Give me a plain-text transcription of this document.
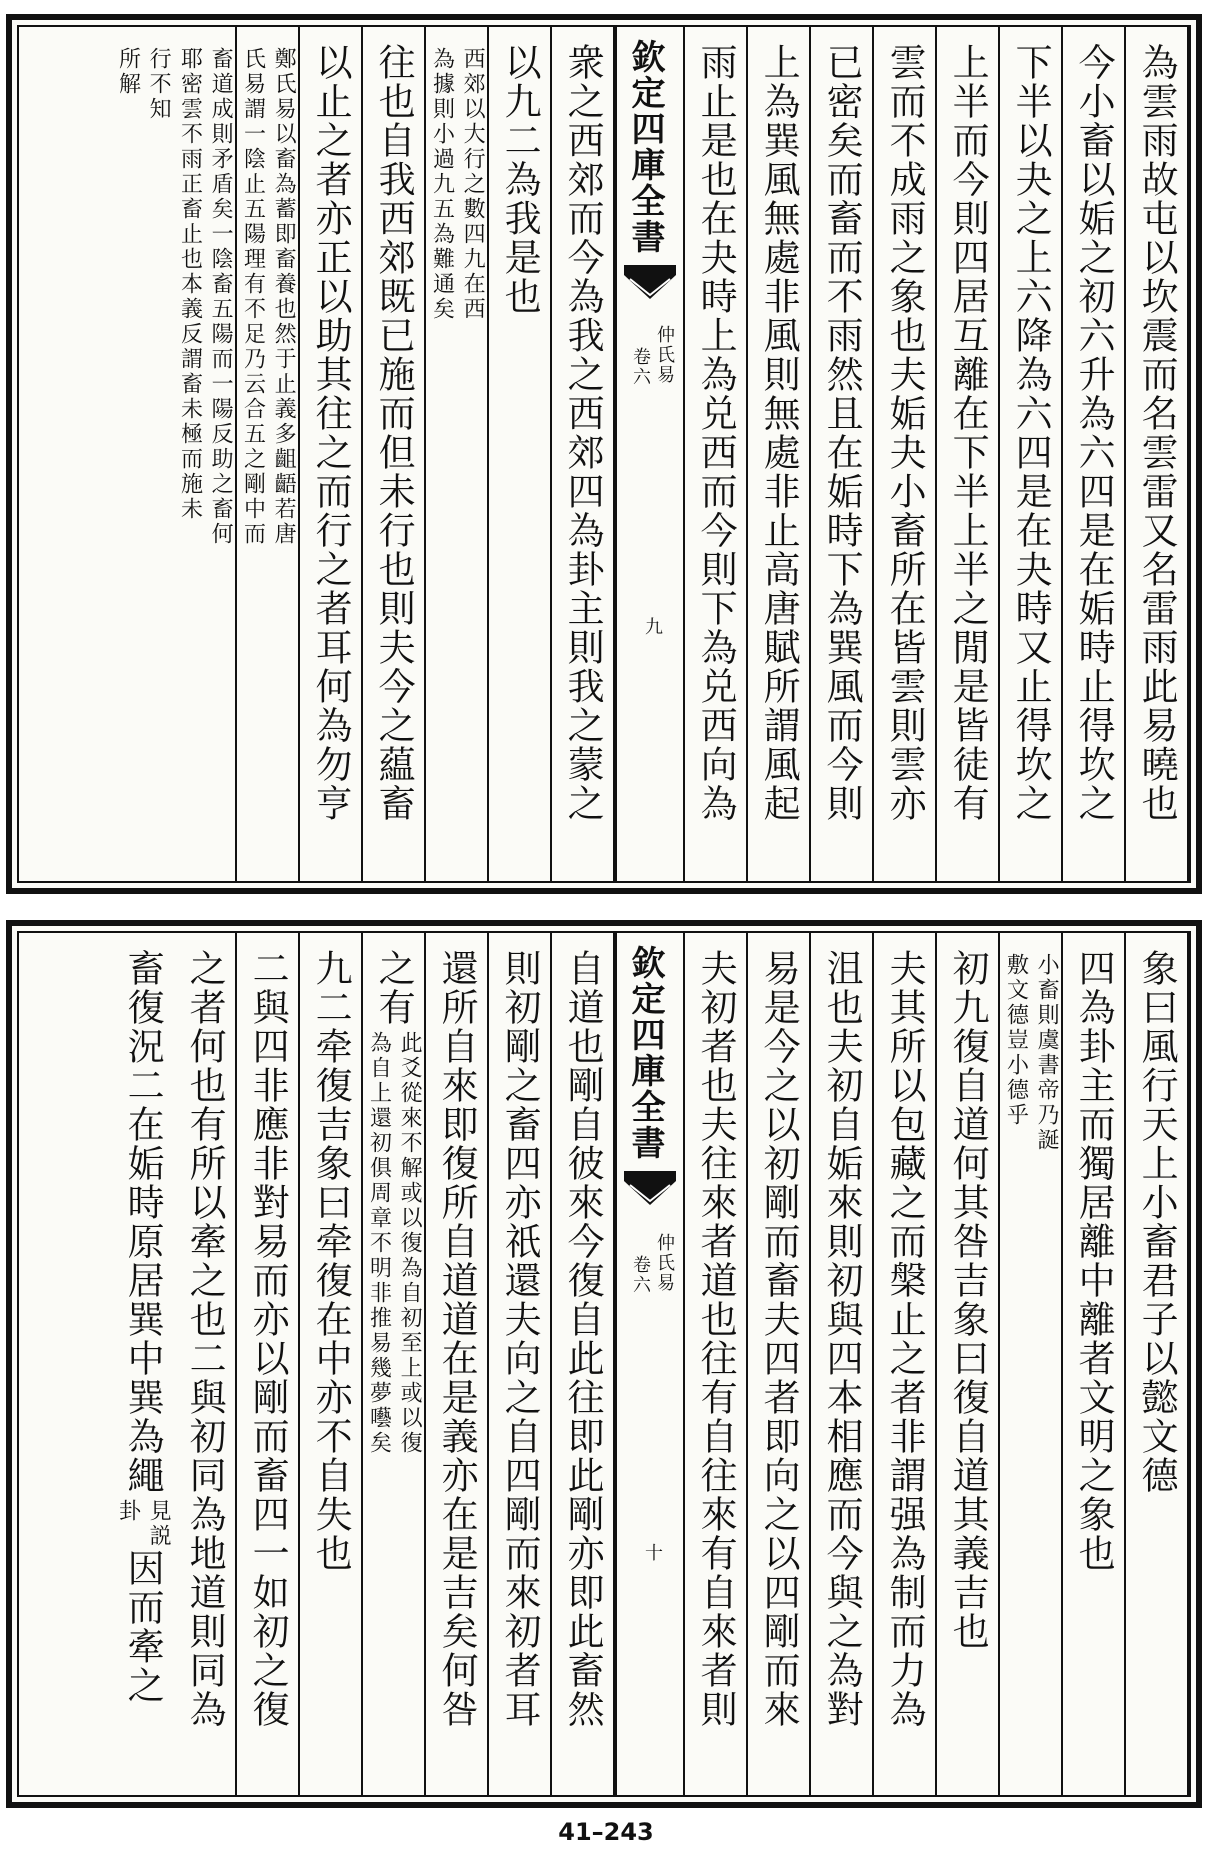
為雲雨故屯以坎震而名雲雷又名雷雨此易曉也
今小畜以姤之初六升為六四是在姤時止得坎之
下半以夬之上六降為六四是在夬時又止得坎之
上半而今則四居互離在下半上半之閒是皆徒有
雲而不成雨之象也夫姤夬小畜所在皆雲則雲亦
已密矣而畜而不雨然且在姤時下為巽風而今則
上為巽風無處非風則無處非止高唐賦所謂風起
雨止是也在夬時上為兑西而今則下為兑西向為
欽定四庫全書
仲氏易
卷六
九
衆之西郊而今為我之西郊四為卦主則我之蒙之
以九二為我是也
西郊以大行之數四九在西
為據則小過九五為難通矣
往也自我西郊既已施而但未行也則夫今之藴畜
以止之者亦正以助其往之而行之者耳何為勿亨
鄭氏易以畜為蓄即畜養也然于止義多齟齬若唐
氏易謂一陰止五陽理有不足乃云合五之剛中而
畜道成則矛盾矣一陰畜五陽而一陽反助之畜何
耶密雲不雨正畜止也本義反謂畜未極而施未
行不知
所解
象曰風行天上小畜君子以懿文德
四為卦主而獨居離中離者文明之象也
小畜則虞書帝乃誕
敷文德豈小德乎
初九復自道何其咎吉象曰復自道其義吉也
夫其所以包藏之而槃止之者非謂强為制而力為
沮也夫初自姤來則初與四本相應而今與之為對
易是今之以初剛而畜夫四者即向之以四剛而來
夫初者也夫往來者道也往有自往來有自來者則
欽定四庫全書
仲氏易
卷六
十
自道也剛自彼來今復自此往即此剛亦即此畜然
則初剛之畜四亦祇還夫向之自四剛而來初者耳
還所自來即復所自道道在是義亦在是吉矣何咎
之有
此爻從來不解或以復為自初至上或以復
為自上還初俱周章不明非推易幾夢囈矣
九二牵復吉象曰牵復在中亦不自失也
二與四非應非對易而亦以剛而畜四一如初之復
之者何也有所以牽之也二與初同為地道則同為
畜復況二在姤時原居巽中巽為繩
見説
卦
因而牽之
41–243
